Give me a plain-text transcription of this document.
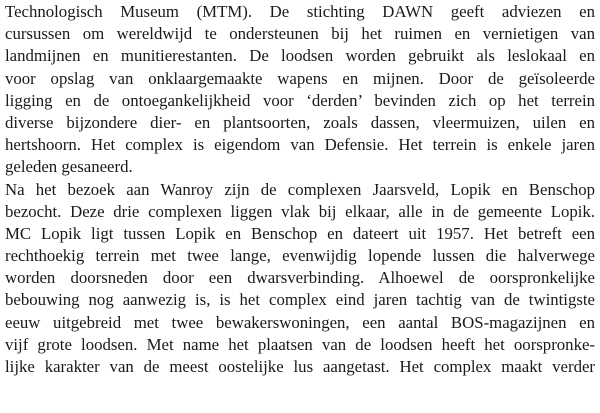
Technologisch Museum (MTM). De stichting DAWN geeft adviezen en
cursussen om wereldwijd te ondersteunen bij het ruimen en vernietigen van
landmijnen en munitierestanten. De loodsen worden gebruikt als leslokaal en
voor opslag van onklaargemaakte wapens en mijnen. Door de geïsoleerde
ligging en de ontoegankelijkheid voor ‘derden’ bevinden zich op het terrein
diverse bijzondere dier- en plantsoorten, zoals dassen, vleermuizen, uilen en
hertshoorn. Het complex is eigendom van Defensie. Het terrein is enkele jaren
geleden gesaneerd.
Na het bezoek aan Wanroy zijn de complexen Jaarsveld, Lopik en Benschop
bezocht. Deze drie complexen liggen vlak bij elkaar, alle in de gemeente Lopik.
MC Lopik ligt tussen Lopik en Benschop en dateert uit 1957. Het betreft een
rechthoekig terrein met twee lange, evenwijdig lopende lussen die halverwege
worden doorsneden door een dwarsverbinding. Alhoewel de oorspronkelijke
bebouwing nog aanwezig is, is het complex eind jaren tachtig van de twintigste
eeuw uitgebreid met twee bewakerswoningen, een aantal BOS-magazijnen en
vijf grote loodsen. Met name het plaatsen van de loodsen heeft het oorspronke-
lijke karakter van de meest oostelijke lus aangetast. Het complex maakt verder
